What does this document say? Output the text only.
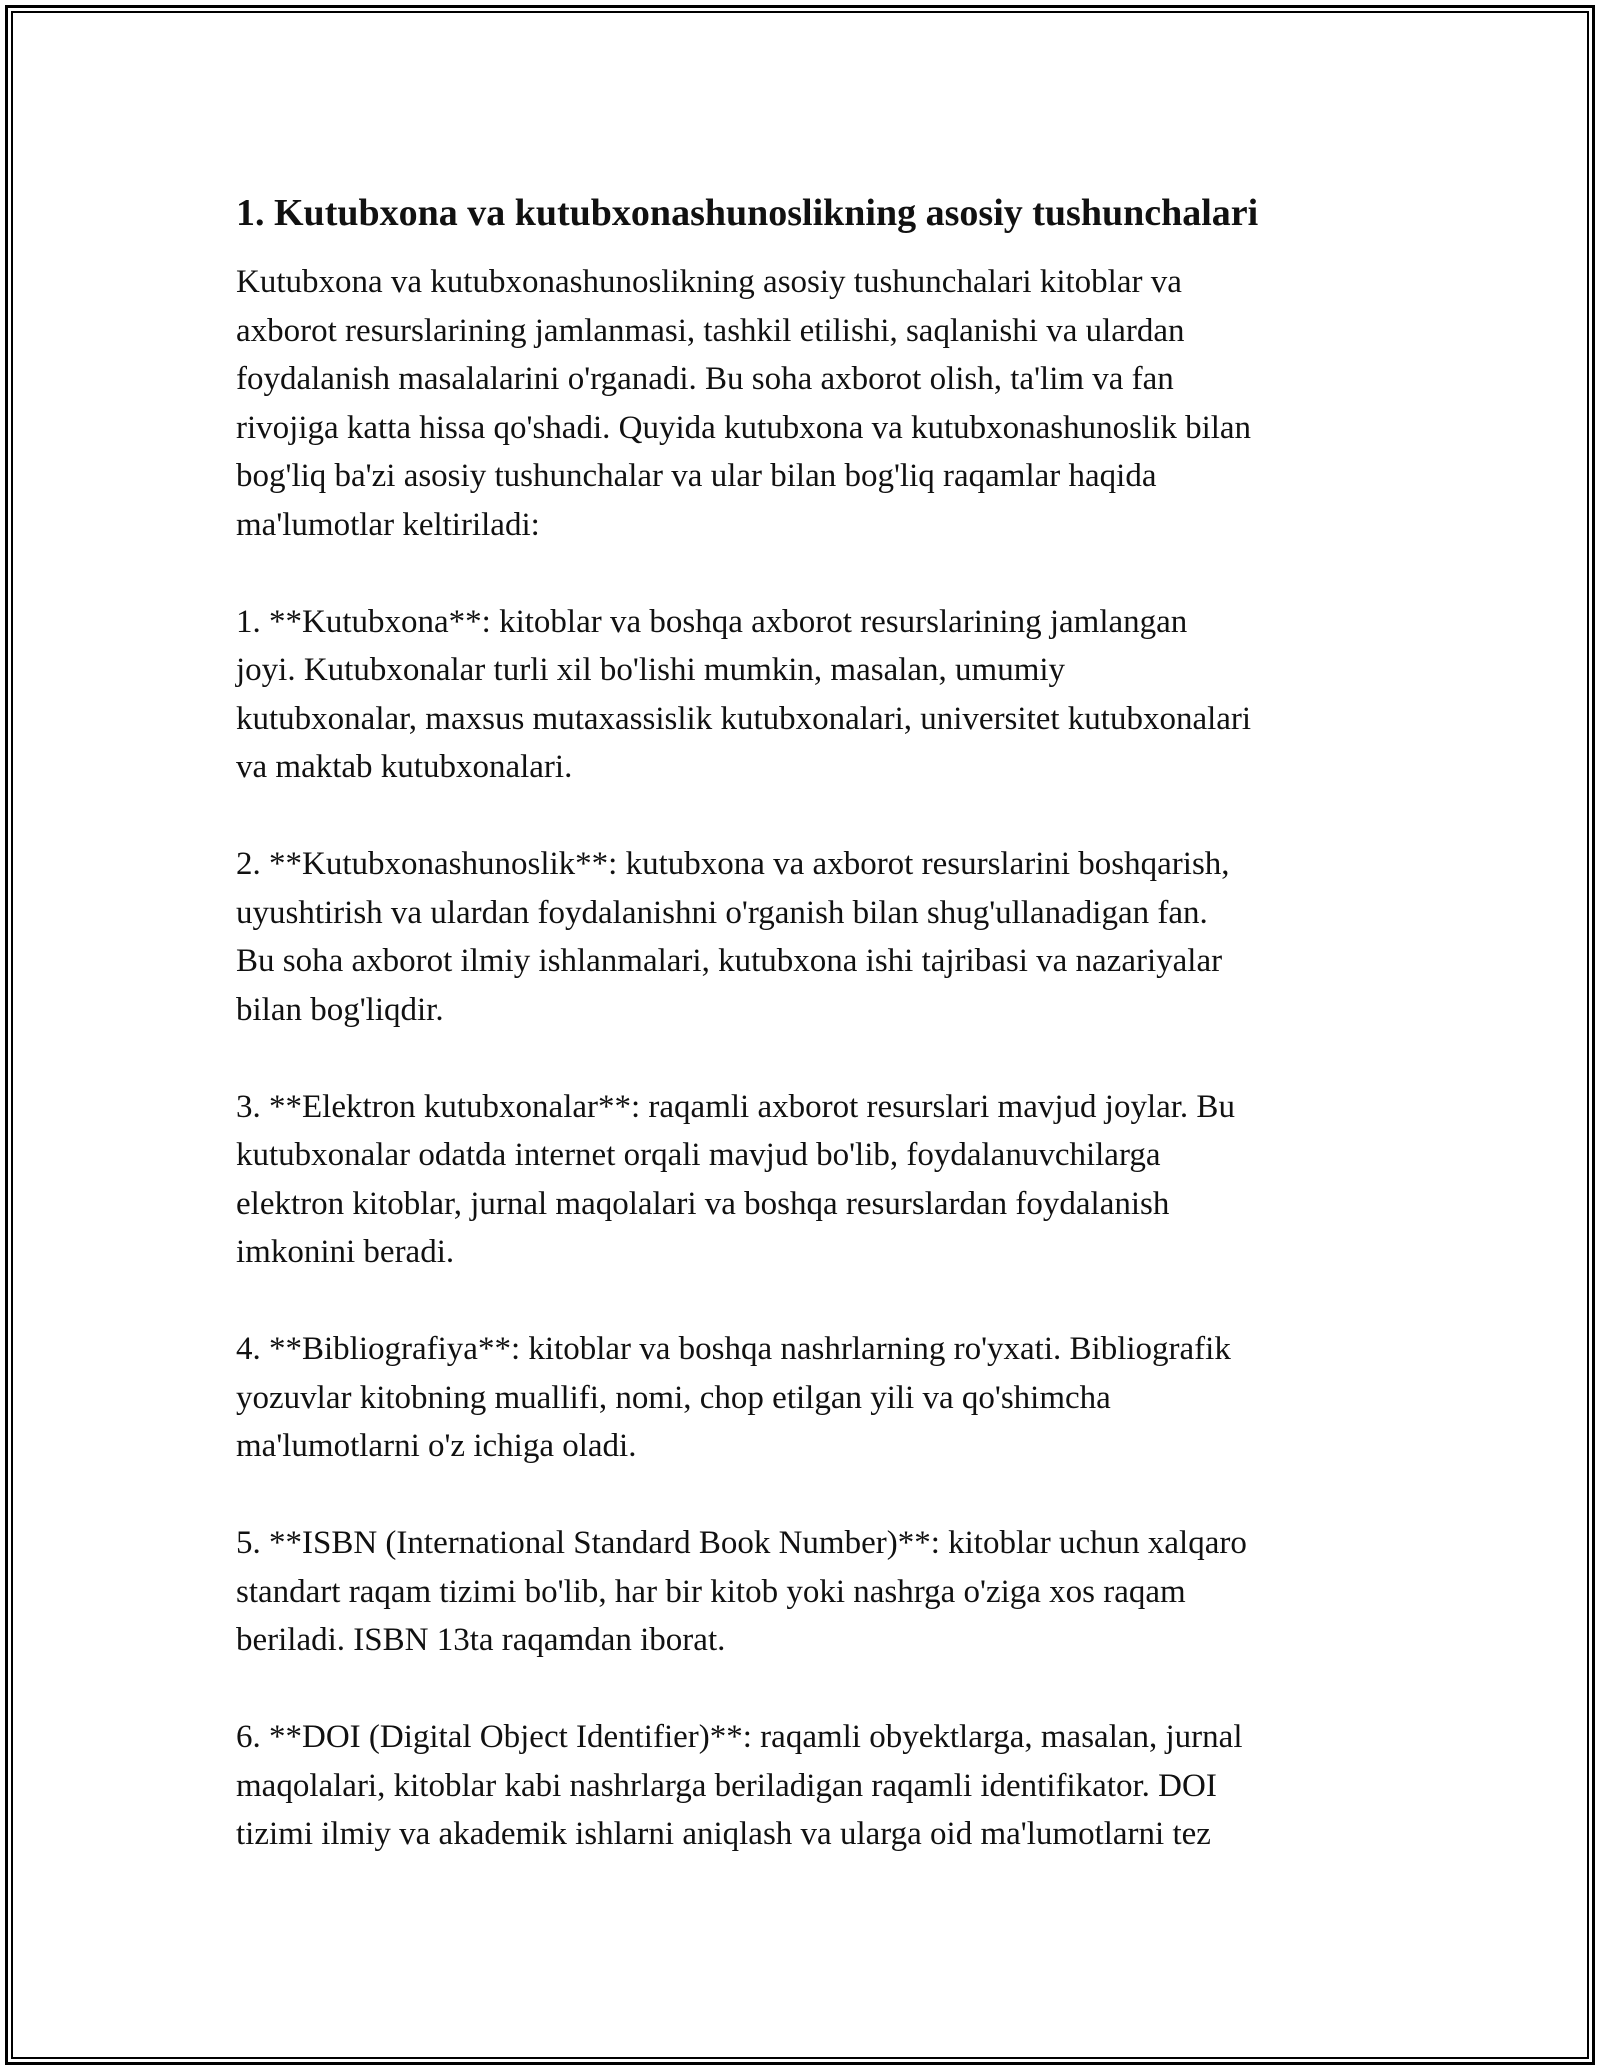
1. Kutubxona va kutubxonashunoslikning asosiy tushunchalari

Kutubxona va kutubxonashunoslikning asosiy tushunchalari kitoblar va
axborot resurslarining jamlanmasi, tashkil etilishi, saqlanishi va ulardan
foydalanish masalalarini o'rganadi. Bu soha axborot olish, ta'lim va fan
rivojiga katta hissa qo'shadi. Quyida kutubxona va kutubxonashunoslik bilan
bog'liq ba'zi asosiy tushunchalar va ular bilan bog'liq raqamlar haqida
ma'lumotlar keltiriladi:

1. **Kutubxona**: kitoblar va boshqa axborot resurslarining jamlangan
joyi. Kutubxonalar turli xil bo'lishi mumkin, masalan, umumiy
kutubxonalar, maxsus mutaxassislik kutubxonalari, universitet kutubxonalari
va maktab kutubxonalari.

2. **Kutubxonashunoslik**: kutubxona va axborot resurslarini boshqarish,
uyushtirish va ulardan foydalanishni o'rganish bilan shug'ullanadigan fan.
Bu soha axborot ilmiy ishlanmalari, kutubxona ishi tajribasi va nazariyalar
bilan bog'liqdir.

3. **Elektron kutubxonalar**: raqamli axborot resurslari mavjud joylar. Bu
kutubxonalar odatda internet orqali mavjud bo'lib, foydalanuvchilarga
elektron kitoblar, jurnal maqolalari va boshqa resurslardan foydalanish
imkonini beradi.

4. **Bibliografiya**: kitoblar va boshqa nashrlarning ro'yxati. Bibliografik
yozuvlar kitobning muallifi, nomi, chop etilgan yili va qo'shimcha
ma'lumotlarni o'z ichiga oladi.

5. **ISBN (International Standard Book Number)**: kitoblar uchun xalqaro
standart raqam tizimi bo'lib, har bir kitob yoki nashrga o'ziga xos raqam
beriladi. ISBN 13ta raqamdan iborat.

6. **DOI (Digital Object Identifier)**: raqamli obyektlarga, masalan, jurnal
maqolalari, kitoblar kabi nashrlarga beriladigan raqamli identifikator. DOI
tizimi ilmiy va akademik ishlarni aniqlash va ularga oid ma'lumotlarni tez
